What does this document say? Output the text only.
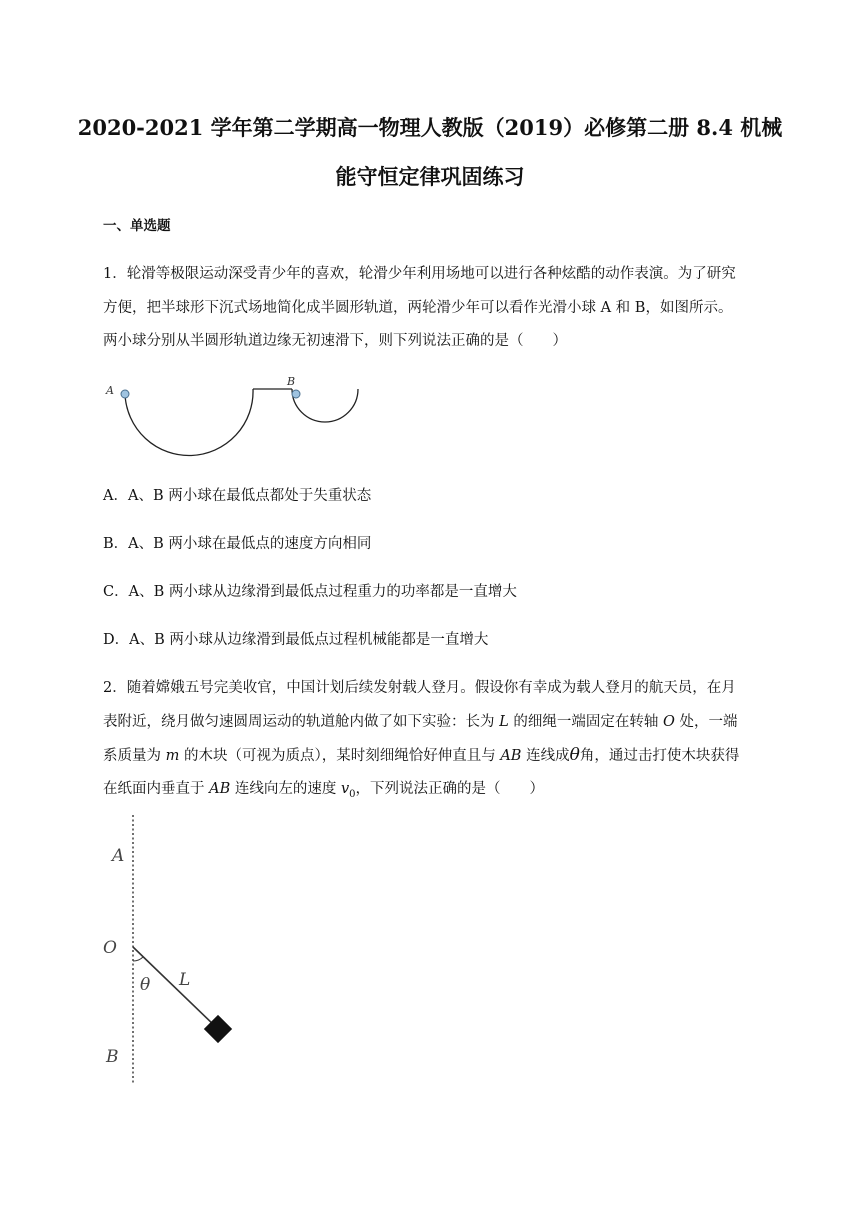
2020-2021 学年第二学期高一物理人教版（2019）必修第二册 8.4 机械
能守恒定律巩固练习
一、单选题
1．轮滑等极限运动深受青少年的喜欢，轮滑少年利用场地可以进行各种炫酷的动作表演。为了研究
方便，把半球形下沉式场地简化成半圆形轨道，两轮滑少年可以看作光滑小球 A 和 B，如图所示。
两小球分别从半圆形轨道边缘无初速滑下，则下列说法正确的是（　　）
A
B
A．A、B 两小球在最低点都处于失重状态
B．A、B 两小球在最低点的速度方向相同
C．A、B 两小球从边缘滑到最低点过程重力的功率都是一直增大
D．A、B 两小球从边缘滑到最低点过程机械能都是一直增大
2．随着嫦娥五号完美收官，中国计划后续发射载人登月。假设你有幸成为载人登月的航天员，在月
表附近，绕月做匀速圆周运动的轨道舱内做了如下实验：长为 L 的细绳一端固定在转轴 O 处，一端
系质量为 m 的木块（可视为质点），某时刻细绳恰好伸直且与 AB 连线成θ角，通过击打使木块获得
在纸面内垂直于 AB 连线向左的速度 $v_0$，下列说法正确的是（　　）
A
O
θ L
B
